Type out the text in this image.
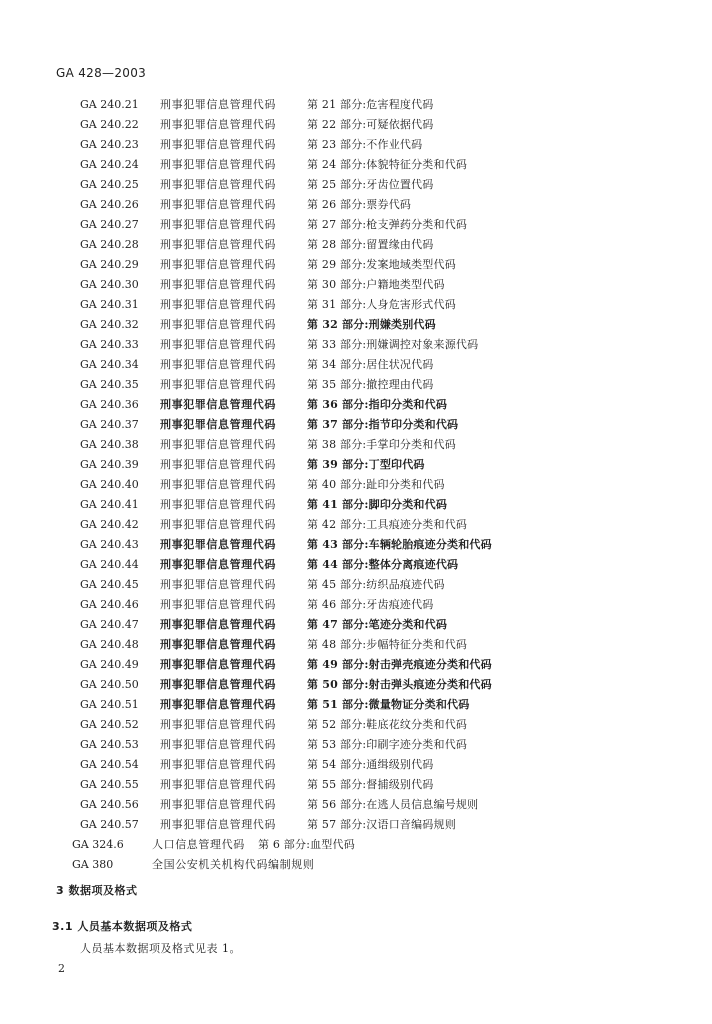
GA 428—2003
GA 240.21	刑事犯罪信息管理代码	第 21 部分:危害程度代码
GA 240.22	刑事犯罪信息管理代码	第 22 部分:可疑依据代码
GA 240.23	刑事犯罪信息管理代码	第 23 部分:不作业代码
GA 240.24	刑事犯罪信息管理代码	第 24 部分:体貌特征分类和代码
GA 240.25	刑事犯罪信息管理代码	第 25 部分:牙齿位置代码
GA 240.26	刑事犯罪信息管理代码	第 26 部分:票券代码
GA 240.27	刑事犯罪信息管理代码	第 27 部分:枪支弹药分类和代码
GA 240.28	刑事犯罪信息管理代码	第 28 部分:留置缘由代码
GA 240.29	刑事犯罪信息管理代码	第 29 部分:发案地域类型代码
GA 240.30	刑事犯罪信息管理代码	第 30 部分:户籍地类型代码
GA 240.31	刑事犯罪信息管理代码	第 31 部分:人身危害形式代码
GA 240.32	刑事犯罪信息管理代码	第 32 部分:刑嫌类别代码
GA 240.33	刑事犯罪信息管理代码	第 33 部分:刑嫌调控对象来源代码
GA 240.34	刑事犯罪信息管理代码	第 34 部分:居住状况代码
GA 240.35	刑事犯罪信息管理代码	第 35 部分:撤控理由代码
GA 240.36	刑事犯罪信息管理代码	第 36 部分:指印分类和代码
GA 240.37	刑事犯罪信息管理代码	第 37 部分:指节印分类和代码
GA 240.38	刑事犯罪信息管理代码	第 38 部分:手掌印分类和代码
GA 240.39	刑事犯罪信息管理代码	第 39 部分:丁型印代码
GA 240.40	刑事犯罪信息管理代码	第 40 部分:趾印分类和代码
GA 240.41	刑事犯罪信息管理代码	第 41 部分:脚印分类和代码
GA 240.42	刑事犯罪信息管理代码	第 42 部分:工具痕迹分类和代码
GA 240.43	刑事犯罪信息管理代码	第 43 部分:车辆轮胎痕迹分类和代码
GA 240.44	刑事犯罪信息管理代码	第 44 部分:整体分离痕迹代码
GA 240.45	刑事犯罪信息管理代码	第 45 部分:纺织品痕迹代码
GA 240.46	刑事犯罪信息管理代码	第 46 部分:牙齿痕迹代码
GA 240.47	刑事犯罪信息管理代码	第 47 部分:笔迹分类和代码
GA 240.48	刑事犯罪信息管理代码	第 48 部分:步幅特征分类和代码
GA 240.49	刑事犯罪信息管理代码	第 49 部分:射击弹壳痕迹分类和代码
GA 240.50	刑事犯罪信息管理代码	第 50 部分:射击弹头痕迹分类和代码
GA 240.51	刑事犯罪信息管理代码	第 51 部分:微量物证分类和代码
GA 240.52	刑事犯罪信息管理代码	第 52 部分:鞋底花纹分类和代码
GA 240.53	刑事犯罪信息管理代码	第 53 部分:印刷字迹分类和代码
GA 240.54	刑事犯罪信息管理代码	第 54 部分:通缉级别代码
GA 240.55	刑事犯罪信息管理代码	第 55 部分:督捕级别代码
GA 240.56	刑事犯罪信息管理代码	第 56 部分:在逃人员信息编号规则
GA 240.57	刑事犯罪信息管理代码	第 57 部分:汉语口音编码规则
GA 324.6	人口信息管理代码	第 6 部分:血型代码
GA 380	全国公安机关机构代码编制规则
3 数据项及格式
3.1 人员基本数据项及格式
人员基本数据项及格式见表 1。
2
